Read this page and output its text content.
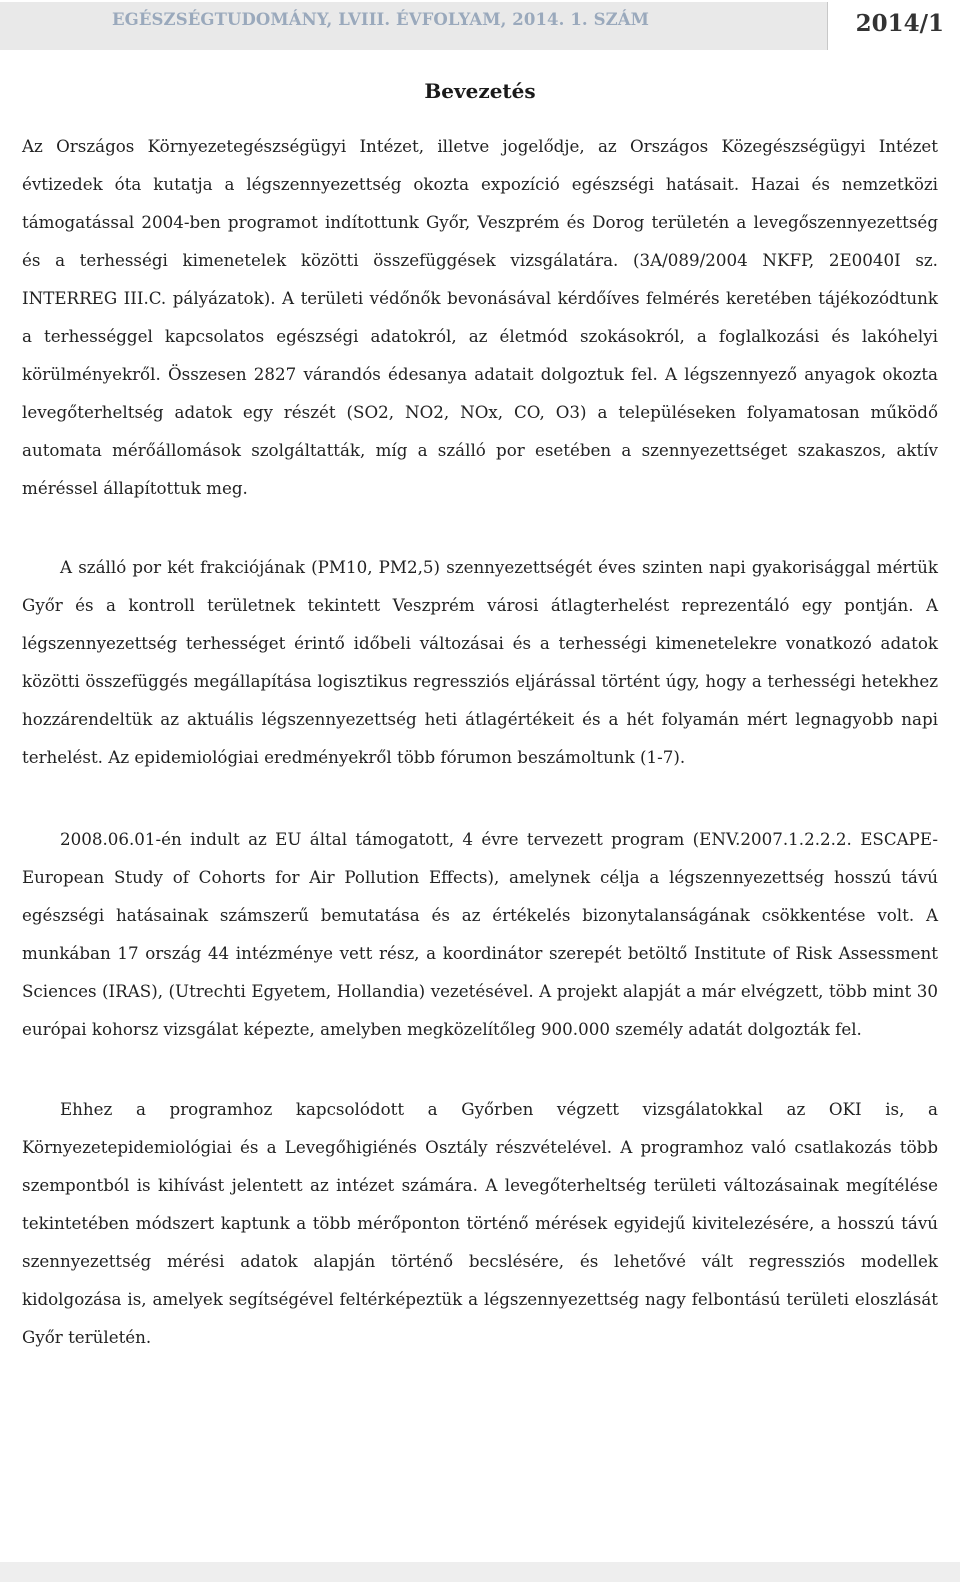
EGÉSZSÉGTUDOMÁNY, LVIII. ÉVFOLYAM, 2014. 1. SZÁM	2014/1
Bevezetés

Az Országos Környezetegészségügyi Intézet, illetve jogelődje, az Országos Közegészségügyi Intézet évtizedek óta kutatja a légszennyezettség okozta expozíció egészségi hatásait. Hazai és nemzetközi támogatással 2004-ben programot indítottunk Győr, Veszprém és Dorog területén a levegőszennyezettség és a terhességi kimenetelek közötti összefüggések vizsgálatára. (3A/089/2004 NKFP, 2E0040I sz. INTERREG III.C. pályázatok). A területi védőnők bevonásával kérdőíves felmérés keretében tájékozódtunk a terhességgel kapcsolatos egészségi adatokról, az életmód szokásokról, a foglalkozási és lakóhelyi körülményekről. Összesen 2827 várandós édesanya adatait dolgoztuk fel. A légszennyező anyagok okozta levegőterheltség adatok egy részét (SO2, NO2, NOx, CO, O3) a településeken folyamatosan működő automata mérőállomások szolgáltatták, míg a szálló por esetében a szennyezettséget szakaszos, aktív méréssel állapítottuk meg.

A szálló por két frakciójának (PM10, PM2,5) szennyezettségét éves szinten napi gyakorisággal mértük Győr és a kontroll területnek tekintett Veszprém városi átlagterhelést reprezentáló egy pontján. A légszennyezettség terhességet érintő időbeli változásai és a terhességi kimenetelekre vonatkozó adatok közötti összefüggés megállapítása logisztikus regressziós eljárással történt úgy, hogy a terhességi hetekhez hozzárendeltük az aktuális légszennyezettség heti átlagértékeit és a hét folyamán mért legnagyobb napi terhelést. Az epidemiológiai eredményekről több fórumon beszámoltunk (1-7).

2008.06.01-én indult az EU által támogatott, 4 évre tervezett program (ENV.2007.1.2.2.2. ESCAPE-European Study of Cohorts for Air Pollution Effects), amelynek célja a légszennyezettség hosszú távú egészségi hatásainak számszerű bemutatása és az értékelés bizonytalanságának csökkentése volt. A munkában 17 ország 44 intézménye vett rész, a koordinátor szerepét betöltő Institute of Risk Assessment Sciences (IRAS), (Utrechti Egyetem, Hollandia) vezetésével. A projekt alapját a már elvégzett, több mint 30 európai kohorsz vizsgálat képezte, amelyben megközelítőleg 900.000 személy adatát dolgozták fel.

Ehhez a programhoz kapcsolódott a Győrben végzett vizsgálatokkal az OKI is, a Környezetepidemiológiai és a Levegőhigiénés Osztály részvételével. A programhoz való csatlakozás több szempontból is kihívást jelentett az intézet számára. A levegőterheltség területi változásainak megítélése tekintetében módszert kaptunk a több mérőponton történő mérések egyidejű kivitelezésére, a hosszú távú szennyezettség mérési adatok alapján történő becslésére, és lehetővé vált regressziós modellek kidolgozása is, amelyek segítségével feltérképeztük a légszennyezettség nagy felbontású területi eloszlását Győr területén.
